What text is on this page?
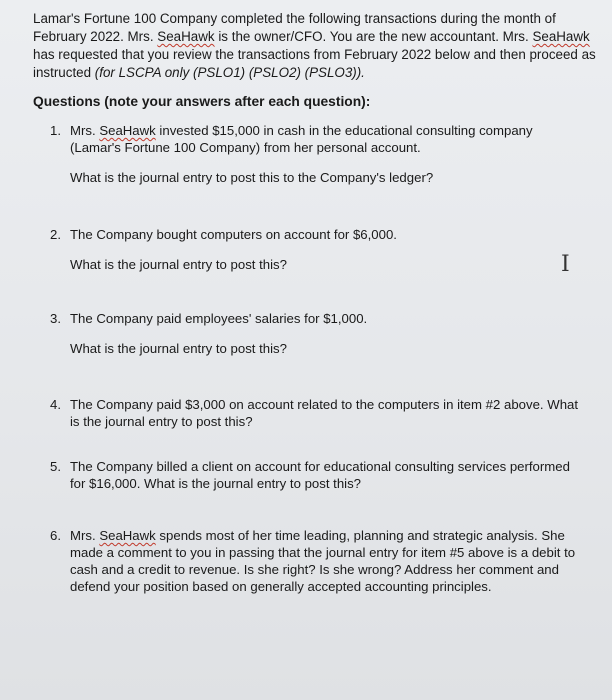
Lamar's Fortune 100 Company completed the following transactions during the month of February 2022. Mrs. SeaHawk is the owner/CFO. You are the new accountant. Mrs. SeaHawk has requested that you review the transactions from February 2022 below and then proceed as instructed (for LSCPA only (PSLO1) (PSLO2) (PSLO3)).

Questions (note your answers after each question):
1. Mrs. SeaHawk invested $15,000 in cash in the educational consulting company (Lamar's Fortune 100 Company) from her personal account.
What is the journal entry to post this to the Company's ledger?
2. The Company bought computers on account for $6,000.
What is the journal entry to post this?
3. The Company paid employees' salaries for $1,000.
What is the journal entry to post this?
4. The Company paid $3,000 on account related to the computers in item #2 above. What is the journal entry to post this?
5. The Company billed a client on account for educational consulting services performed for $16,000. What is the journal entry to post this?
6. Mrs. SeaHawk spends most of her time leading, planning and strategic analysis. She made a comment to you in passing that the journal entry for item #5 above is a debit to cash and a credit to revenue. Is she right? Is she wrong? Address her comment and defend your position based on generally accepted accounting principles.
I
